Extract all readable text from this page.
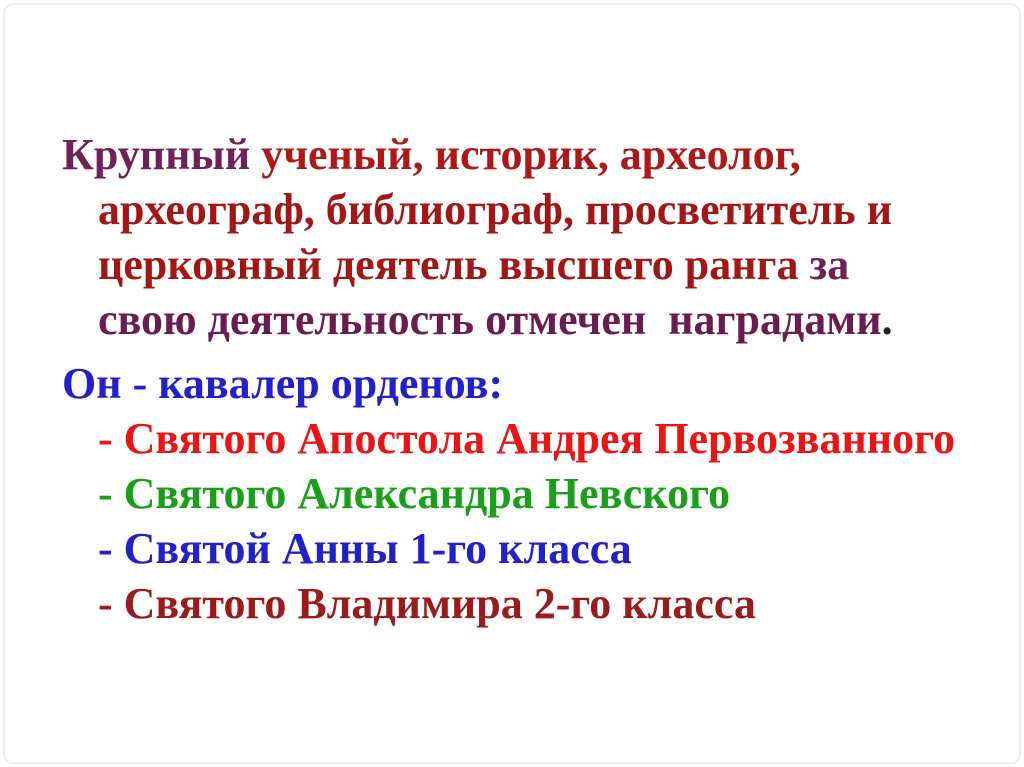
Крупный ученый, историк, археолог,
археограф, библиограф, просветитель и
церковный деятель высшего ранга за
свою деятельность отмечен  наградами.
Он - кавалер орденов:
- Святого Апостола Андрея Первозванного
- Святого Александра Невского
- Святой Анны 1-го класса
- Святого Владимира 2-го класса
